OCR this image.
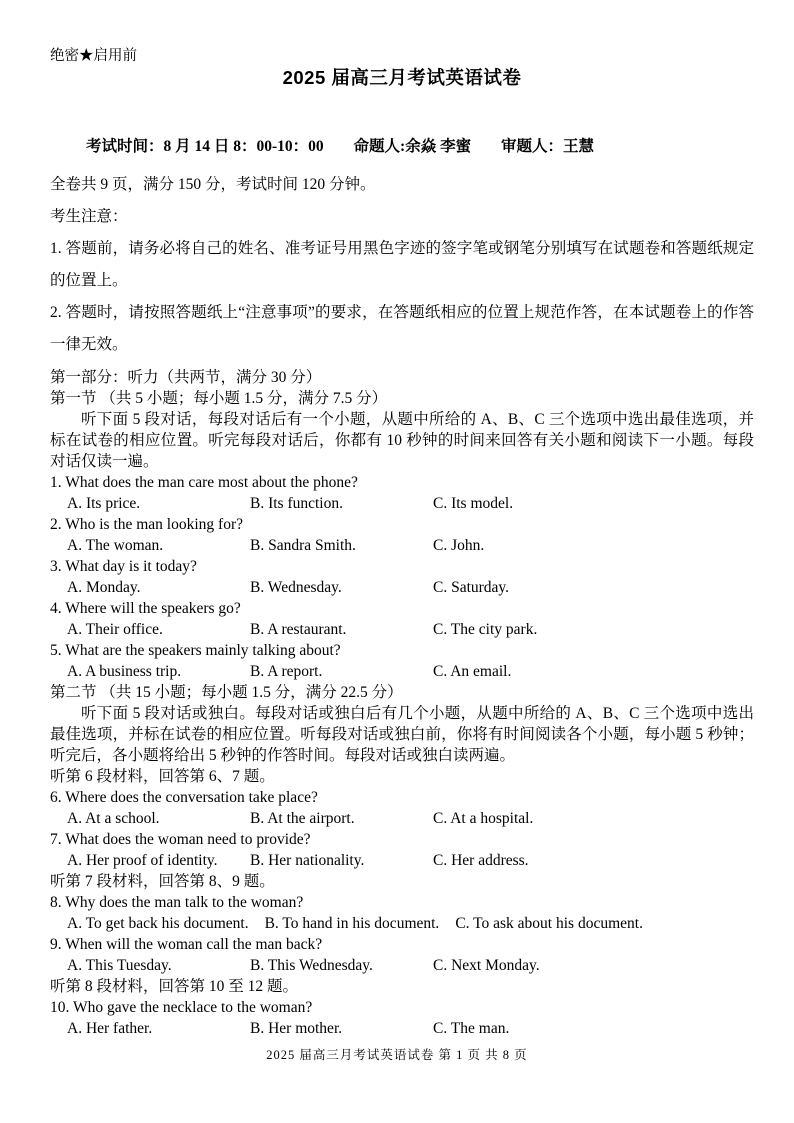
绝密★启用前
2025 届高三月考试英语试卷
考试时间：8 月 14 日 8：00-10：00 命题人:余焱 李蜜 审题人：王慧
全卷共 9 页，满分 150 分，考试时间 120 分钟。
考生注意：
1. 答题前，请务必将自己的姓名、准考证号用黑色字迹的签字笔或钢笔分别填写在试题卷和答题纸规定的位置上。
2. 答题时，请按照答题纸上“注意事项”的要求，在答题纸相应的位置上规范作答，在本试题卷上的作答一律无效。
第一部分：听力（共两节，满分 30 分）
第一节 （共 5 小题；每小题 1.5 分，满分 7.5 分）
听下面 5 段对话，每段对话后有一个小题，从题中所给的 A、B、C 三个选项中选出最佳选项，并标在试卷的相应位置。听完每段对话后，你都有 10 秒钟的时间来回答有关小题和阅读下一小题。每段对话仅读一遍。
1. What does the man care most about the phone?
A. Its price.	B. Its function.	C. Its model.
2. Who is the man looking for?
A. The woman.	B. Sandra Smith.	C. John.
3. What day is it today?
A. Monday.	B. Wednesday.	C. Saturday.
4. Where will the speakers go?
A. Their office.	B. A restaurant.	C. The city park.
5. What are the speakers mainly talking about?
A. A business trip.	B. A report.	C. An email.
第二节 （共 15 小题；每小题 1.5 分，满分 22.5 分）
听下面 5 段对话或独白。每段对话或独白后有几个小题，从题中所给的 A、B、C 三个选项中选出最佳选项，并标在试卷的相应位置。听每段对话或独白前，你将有时间阅读各个小题，每小题 5 秒钟；听完后，各小题将给出 5 秒钟的作答时间。每段对话或独白读两遍。
听第 6 段材料，回答第 6、7 题。
6. Where does the conversation take place?
A. At a school.	B. At the airport.	C. At a hospital.
7. What does the woman need to provide?
A. Her proof of identity.	B. Her nationality.	C. Her address.
听第 7 段材料，回答第 8、9 题。
8. Why does the man talk to the woman?
A. To get back his document.	B. To hand in his document.	C. To ask about his document.
9. When will the woman call the man back?
A. This Tuesday.	B. This Wednesday.	C. Next Monday.
听第 8 段材料，回答第 10 至 12 题。
10. Who gave the necklace to the woman?
A. Her father.	B. Her mother.	C. The man.
2025 届高三月考试英语试卷 第 1 页 共 8 页
